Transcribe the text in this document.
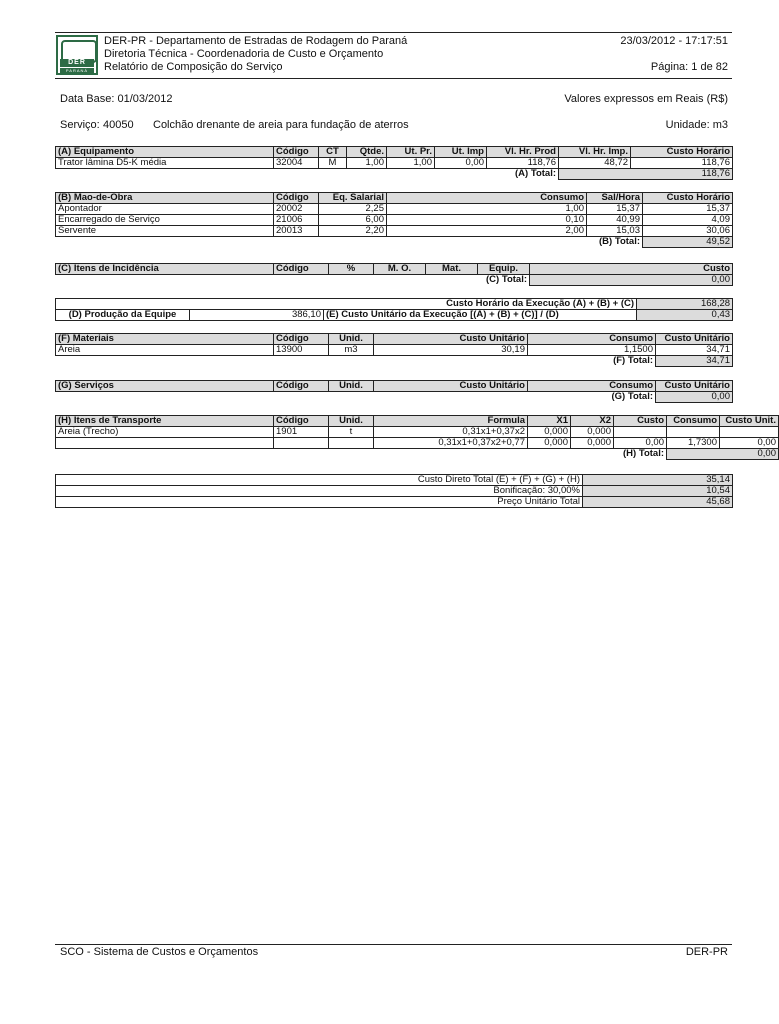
DER
PARANÁ
DER-PR - Departamento de Estradas de Rodagem do Paraná
Diretoria Técnica - Coordenadoria de Custo e Orçamento
Relatório de Composição do Serviço
23/03/2012 - 17:17:51
Página: 1 de 82
Data Base: 01/03/2012	Valores expressos em Reais (R$)
Serviço: 40050 Colchão drenante de areia para fundação de aterros	Unidade: m3
(A) Equipamento	Código	CT	Qtde.	Ut. Pr.	Ut. Imp	Vl. Hr. Prod	Vl. Hr. Imp.	Custo Horário
Trator lâmina D5-K média	32004	M	1,00	1,00	0,00	118,76	48,72	118,76
(A) Total:							118,76	
(B) Mao-de-Obra	Código	Eq. Salarial	Consumo	Sal/Hora	Custo Horário
Apontador	20002	2,25	1,00	15,37	15,37
Encarregado de Serviço	21006	6,00	0,10	40,99	4,09
Servente	20013	2,20	2,00	15,03	30,06
(B) Total:					49,52
(C) Itens de Incidência	Código	%	M. O.	Mat.	Equip.	Custo
(C) Total:						0,00
Custo Horário da Execução (A) + (B) + (C)			168,28
(D) Produção da Equipe	386,10	(E) Custo Unitário da Execução [(A) + (B) + (C)] / (D)	0,43
(F) Materiais	Código	Unid.	Custo Unitário	Consumo	Custo Unitário
Areia	13900	m3	30,19	1,1500	34,71
(F) Total:					34,71
(G) Serviços	Código	Unid.	Custo Unitário	Consumo	Custo Unitário
(G) Total:					0,00
(H) Itens de Transporte	Código	Unid.	Formula	X1	X2	Custo	Consumo	Custo Unit.
Areia (Trecho)	1901	t	0,31x1+0,37x2	0,000	0,000			
			0,31x1+0,37x2+0,77	0,000	0,000	0,00	1,7300	0,00
(H) Total:							0,00	
Custo Direto Total (E) + (F) + (G) + (H)	35,14
Bonificação: 30,00%	10,54
Preço Unitário Total	45,68
SCO - Sistema de Custos e Orçamentos	DER-PR
